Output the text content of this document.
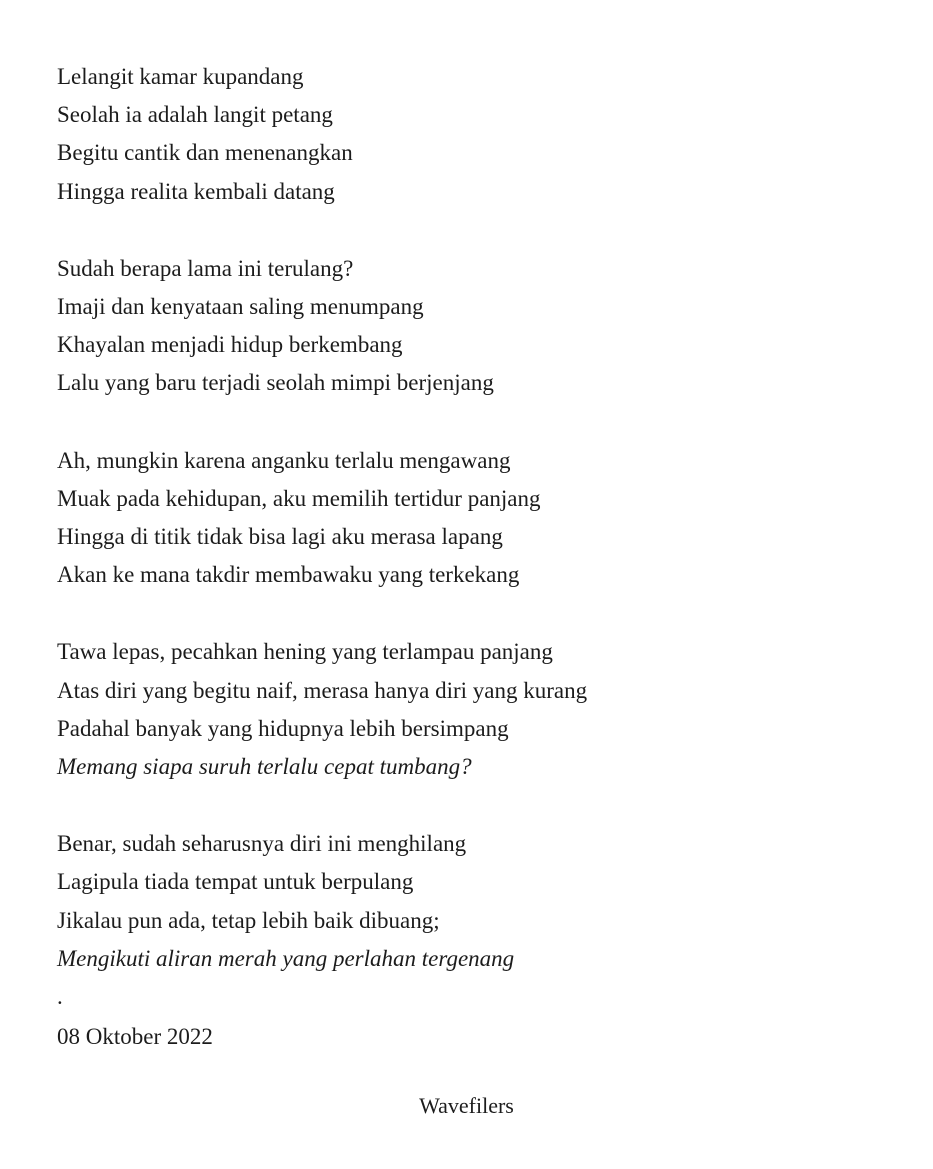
Lelangit kamar kupandang
Seolah ia adalah langit petang
Begitu cantik dan menenangkan
Hingga realita kembali datang
Sudah berapa lama ini terulang?
Imaji dan kenyataan saling menumpang
Khayalan menjadi hidup berkembang
Lalu yang baru terjadi seolah mimpi berjenjang
Ah, mungkin karena anganku terlalu mengawang
Muak pada kehidupan, aku memilih tertidur panjang
Hingga di titik tidak bisa lagi aku merasa lapang
Akan ke mana takdir membawaku yang terkekang
Tawa lepas, pecahkan hening yang terlampau panjang
Atas diri yang begitu naif, merasa hanya diri yang kurang
Padahal banyak yang hidupnya lebih bersimpang
Memang siapa suruh terlalu cepat tumbang?
Benar, sudah seharusnya diri ini menghilang
Lagipula tiada tempat untuk berpulang
Jikalau pun ada, tetap lebih baik dibuang;
Mengikuti aliran merah yang perlahan tergenang
.
08 Oktober 2022
Wavefilers
